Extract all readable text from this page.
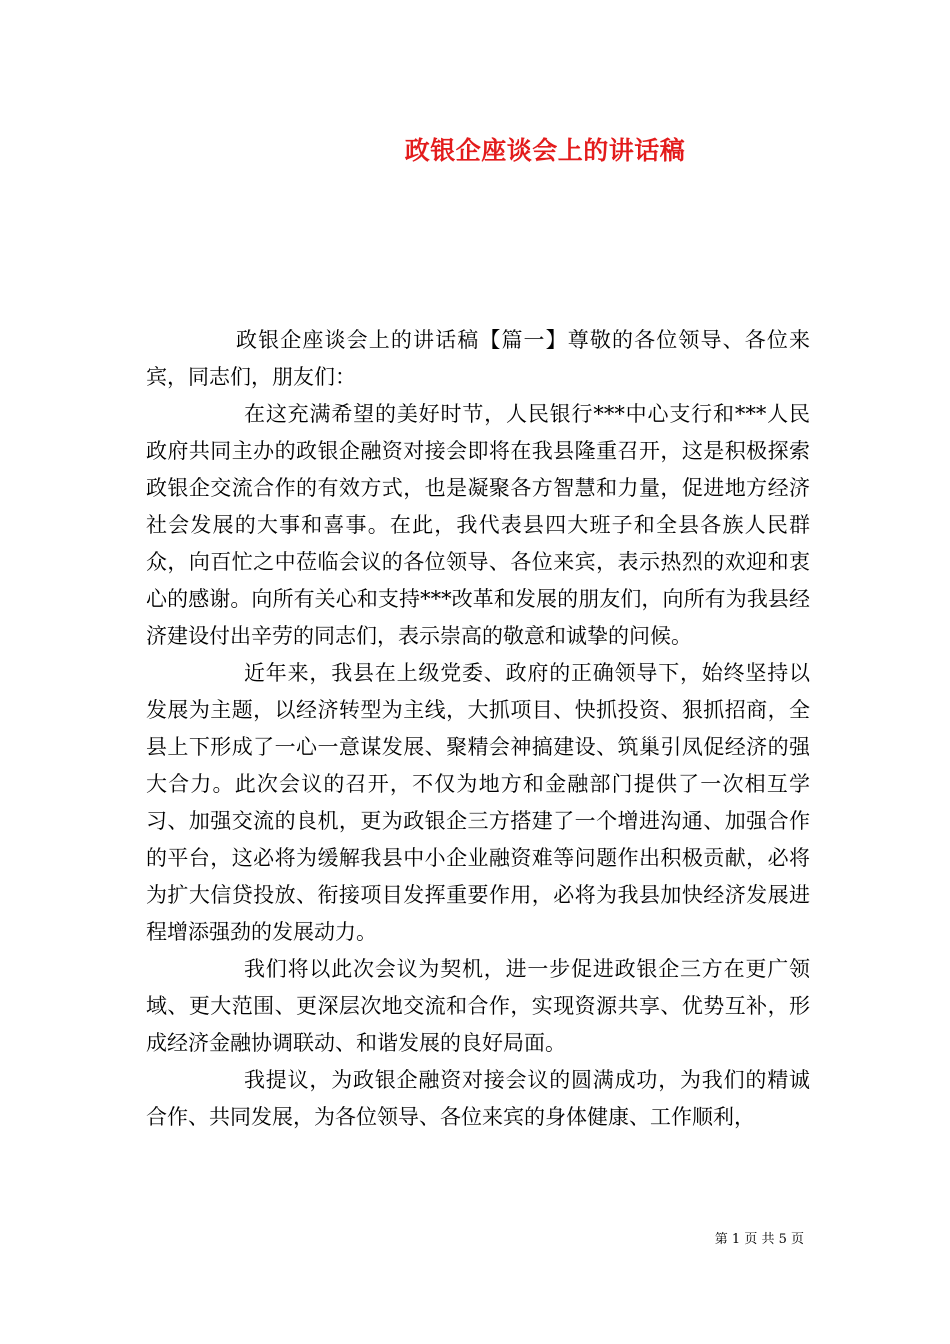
政银企座谈会上的讲话稿

政银企座谈会上的讲话稿【篇一】尊敬的各位领导、各位来宾，同志们，朋友们：

在这充满希望的美好时节，人民银行***中心支行和***人民政府共同主办的政银企融资对接会即将在我县隆重召开，这是积极探索政银企交流合作的有效方式，也是凝聚各方智慧和力量，促进地方经济社会发展的大事和喜事。在此，我代表县四大班子和全县各族人民群众，向百忙之中莅临会议的各位领导、各位来宾，表示热烈的欢迎和衷心的感谢。向所有关心和支持***改革和发展的朋友们，向所有为我县经济建设付出辛劳的同志们，表示崇高的敬意和诚挚的问候。

近年来，我县在上级党委、政府的正确领导下，始终坚持以发展为主题，以经济转型为主线，大抓项目、快抓投资、狠抓招商，全县上下形成了一心一意谋发展、聚精会神搞建设、筑巢引凤促经济的强大合力。此次会议的召开，不仅为地方和金融部门提供了一次相互学习、加强交流的良机，更为政银企三方搭建了一个增进沟通、加强合作的平台，这必将为缓解我县中小企业融资难等问题作出积极贡献，必将为扩大信贷投放、衔接项目发挥重要作用，必将为我县加快经济发展进程增添强劲的发展动力。

我们将以此次会议为契机，进一步促进政银企三方在更广领域、更大范围、更深层次地交流和合作，实现资源共享、优势互补，形成经济金融协调联动、和谐发展的良好局面。

我提议，为政银企融资对接会议的圆满成功，为我们的精诚合作、共同发展，为各位领导、各位来宾的身体健康、工作顺利，

第 1 页 共 5 页
